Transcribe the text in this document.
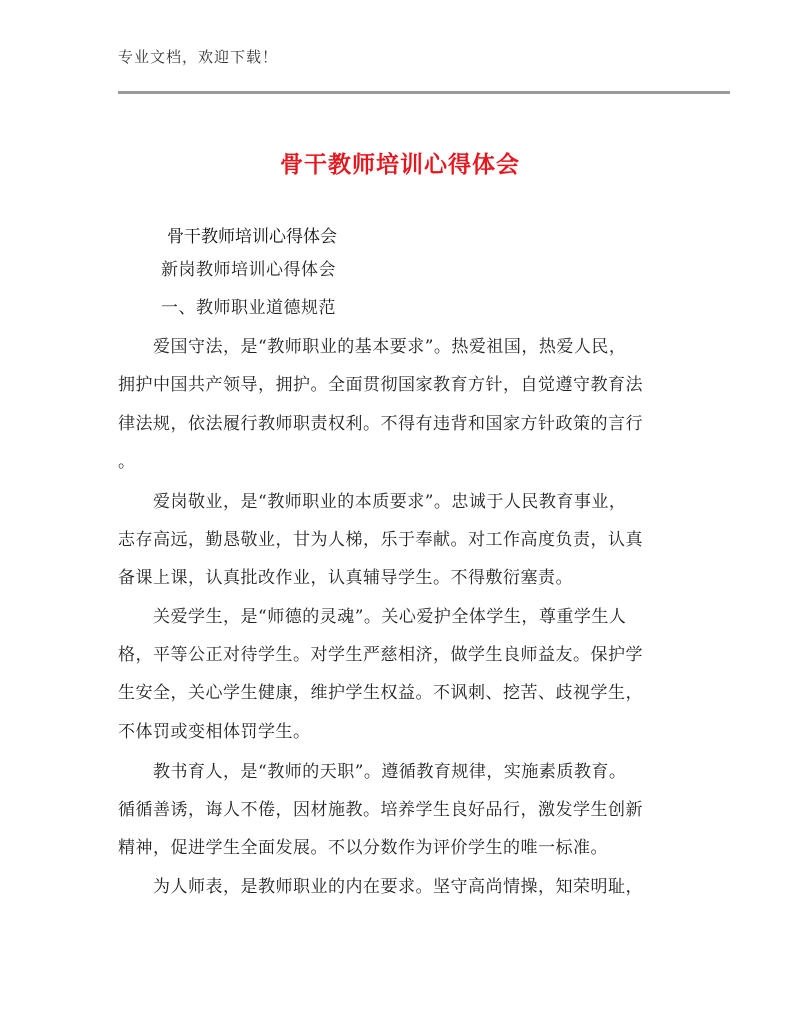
专业文档，欢迎下载！
骨干教师培训心得体会
骨干教师培训心得体会
新岗教师培训心得体会
一、教师职业道德规范
爱国守法，是“教师职业的基本要求”。热爱祖国，热爱人民，
拥护中国共产领导，拥护。全面贯彻国家教育方针，自觉遵守教育法
律法规，依法履行教师职责权利。不得有违背和国家方针政策的言行
。
爱岗敬业，是“教师职业的本质要求”。忠诚于人民教育事业，
志存高远，勤恳敬业，甘为人梯，乐于奉献。对工作高度负责，认真
备课上课，认真批改作业，认真辅导学生。不得敷衍塞责。
关爱学生，是“师德的灵魂”。关心爱护全体学生，尊重学生人
格，平等公正对待学生。对学生严慈相济，做学生良师益友。保护学
生安全，关心学生健康，维护学生权益。不讽刺、挖苦、歧视学生，
不体罚或变相体罚学生。
教书育人，是“教师的天职”。遵循教育规律，实施素质教育。
循循善诱，诲人不倦，因材施教。培养学生良好品行，激发学生创新
精神，促进学生全面发展。不以分数作为评价学生的唯一标准。
为人师表，是教师职业的内在要求。坚守高尚情操，知荣明耻，
